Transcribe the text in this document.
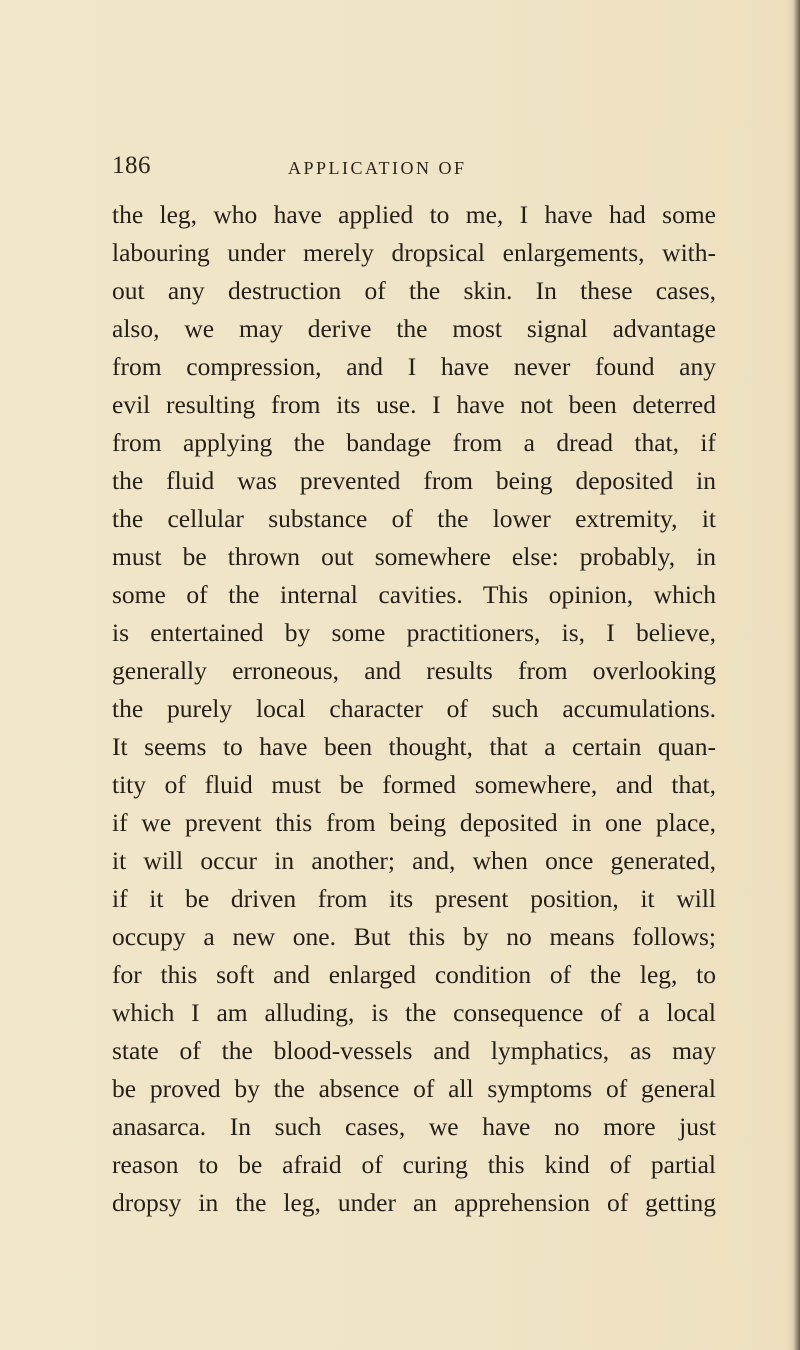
186	APPLICATION OF
the leg, who have applied to me, I have had some
labouring under merely dropsical enlargements, with-
out any destruction of the skin. In these cases,
also, we may derive the most signal advantage
from compression, and I have never found any
evil resulting from its use. I have not been deterred
from applying the bandage from a dread that, if
the fluid was prevented from being deposited in
the cellular substance of the lower extremity, it
must be thrown out somewhere else: probably, in
some of the internal cavities. This opinion, which
is entertained by some practitioners, is, I believe,
generally erroneous, and results from overlooking
the purely local character of such accumulations.
It seems to have been thought, that a certain quan-
tity of fluid must be formed somewhere, and that,
if we prevent this from being deposited in one place,
it will occur in another; and, when once generated,
if it be driven from its present position, it will
occupy a new one. But this by no means follows;
for this soft and enlarged condition of the leg, to
which I am alluding, is the consequence of a local
state of the blood-vessels and lymphatics, as may
be proved by the absence of all symptoms of general
anasarca. In such cases, we have no more just
reason to be afraid of curing this kind of partial
dropsy in the leg, under an apprehension of getting
